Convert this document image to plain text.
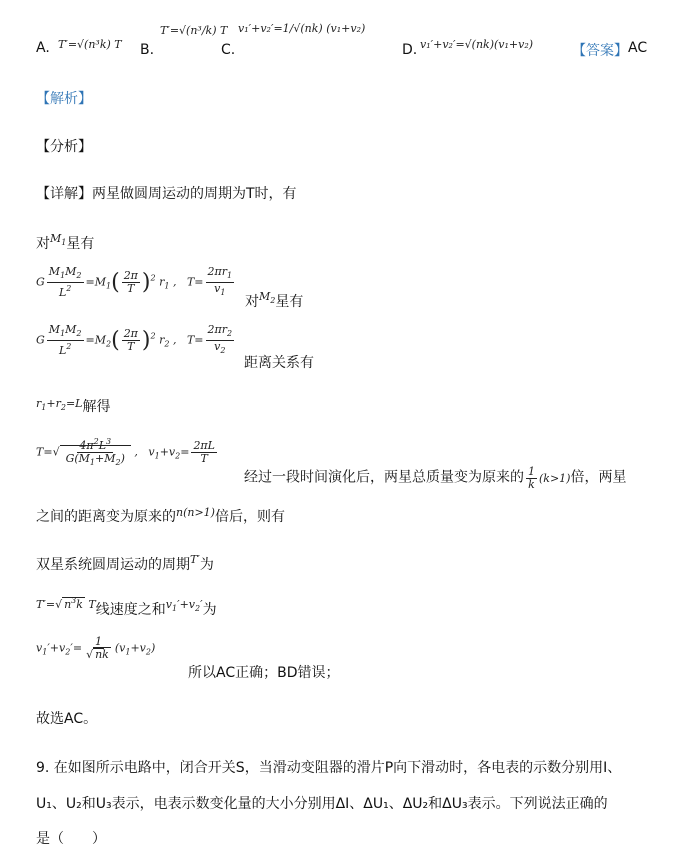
A. T′=√(n³k) T B.
T′=√(n³/k) T
C.
v₁′+v₂′=1/√(nk) (v₁+v₂)
D. v₁′+v₂′=√(nk)(v₁+v₂)	【答案】 AC
【解析】
【分析】
【详解】两星做圆周运动的周期为T时，有
对$^{M_1}$星有
G $\frac{M_1M_2}{L^2} =M_1( \frac{2\pi}{T} )^2$ $r_1$ ,   $T= \frac{2\pi r_1}{v_1}$
对$^{M_2}$星有
G $\frac{M_1M_2}{L^2} =M_2( \frac{2\pi}{T} )^2$ $r_2$ ,   $T= \frac{2\pi r_2}{v_2}$
距离关系有
$^{r_1+r_2=L}$解得
$T=√ \frac{4\pi^2L^3}{G(M_1+M_2)}$ ,   $v_1+v_2= \frac{2\pi L}{T}$
经过一段时间演化后，两星总质量变为原来的 $\frac{1}{k} (k>1)$倍，两星
之间的距离变为原来的$^{n(n>1)}$倍后，则有
双星系统圆周运动的周期$^{T'}$为
$^{T'=√ n^3k T}$线速度之和$^{v_1'+v_2'}$为
$v_1'+v_2'= \frac{1}{√ nk} (v_1+v_2)$
所以AC正确；BD错误；
故选AC。
9. 在如图所示电路中，闭合开关S，当滑动变阻器的滑片P向下滑动时，各电表的示数分别用I、
U₁、U₂和U₃表示，电表示数变化量的大小分别用ΔI、ΔU₁、ΔU₂和ΔU₃表示。下列说法正确的
是（　　）
